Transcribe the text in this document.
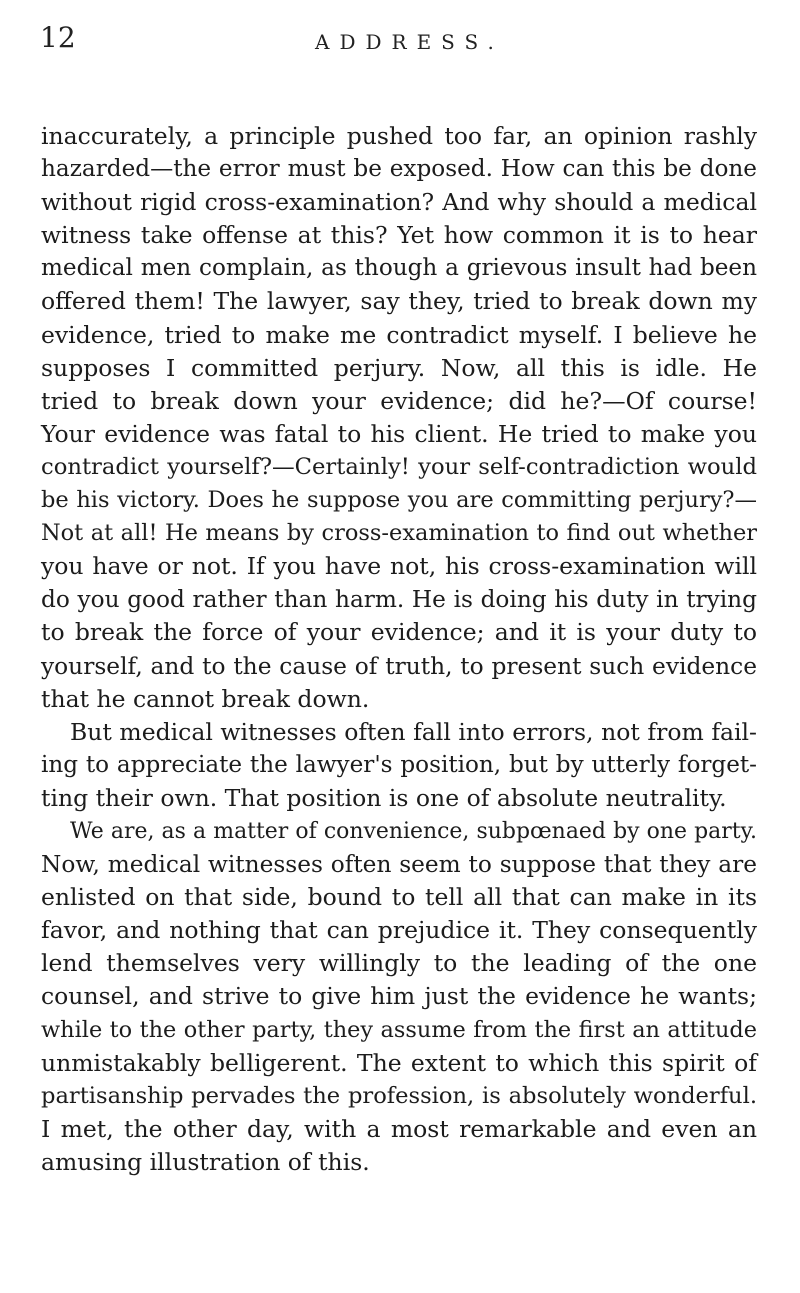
12	ADDRESS.
inaccurately, a principle pushed too far, an opinion rashly
hazarded—the error must be exposed. How can this be done
without rigid cross-examination? And why should a medical
witness take offense at this? Yet how common it is to hear
medical men complain, as though a grievous insult had been
offered them! The lawyer, say they, tried to break down my
evidence, tried to make me contradict myself. I believe he
supposes I committed perjury. Now, all this is idle. He
tried to break down your evidence; did he?—Of course!
Your evidence was fatal to his client. He tried to make you
contradict yourself?—Certainly! your self-contradiction would
be his victory. Does he suppose you are committing perjury?—
Not at all! He means by cross-examination to find out whether
you have or not. If you have not, his cross-examination will
do you good rather than harm. He is doing his duty in trying
to break the force of your evidence; and it is your duty to
yourself, and to the cause of truth, to present such evidence
that he cannot break down.
But medical witnesses often fall into errors, not from fail-
ing to appreciate the lawyer's position, but by utterly forget-
ting their own. That position is one of absolute neutrality.
We are, as a matter of convenience, subpœnaed by one party.
Now, medical witnesses often seem to suppose that they are
enlisted on that side, bound to tell all that can make in its
favor, and nothing that can prejudice it. They consequently
lend themselves very willingly to the leading of the one
counsel, and strive to give him just the evidence he wants;
while to the other party, they assume from the first an attitude
unmistakably belligerent. The extent to which this spirit of
partisanship pervades the profession, is absolutely wonderful.
I met, the other day, with a most remarkable and even an
amusing illustration of this.
